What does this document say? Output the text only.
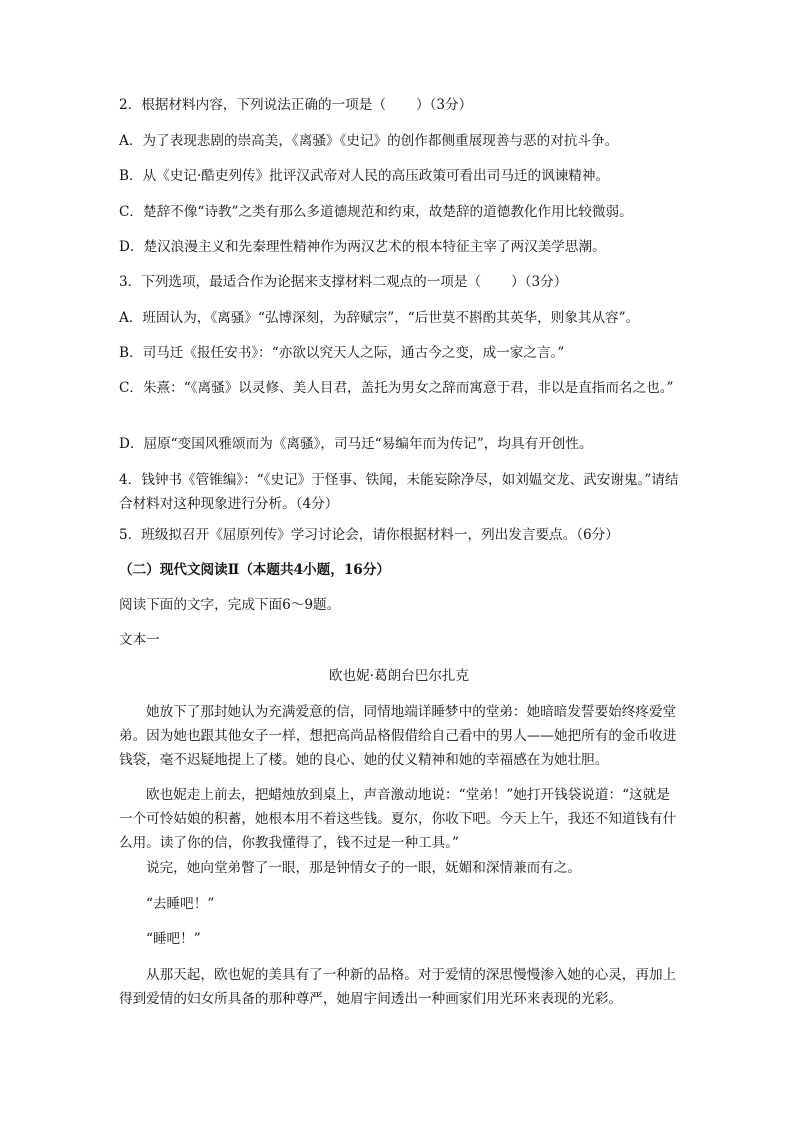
2．根据材料内容，下列说法正确的一项是（ ）（3分）
A．为了表现悲剧的崇高美，《离骚》《史记》的创作都侧重展现善与恶的对抗斗争。
B．从《史记·酷吏列传》批评汉武帝对人民的高压政策可看出司马迁的讽谏精神。
C．楚辞不像“诗教”之类有那么多道德规范和约束，故楚辞的道德教化作用比较微弱。
D．楚汉浪漫主义和先秦理性精神作为两汉艺术的根本特征主宰了两汉美学思潮。
3．下列选项，最适合作为论据来支撑材料二观点的一项是（ ）（3分）
A．班固认为，《离骚》“弘博深刻，为辞赋宗”，“后世莫不斟酌其英华，则象其从容”。
B．司马迁《报任安书》：“亦欲以究天人之际，通古今之变，成一家之言。”
C．朱熹：“《离骚》以灵修、美人目君，盖托为男女之辞而寓意于君，非以是直指而名之也。”
D．屈原“变国风雅颂而为《离骚》，司马迁“易编年而为传记”，均具有开创性。
4．钱钟书《管锥编》：“《史记》于怪事、铁闻，未能妄除净尽，如刘媪交龙、武安谢鬼。”请结合材料对这种现象进行分析。（4分）
5．班级拟召开《屈原列传》学习讨论会，请你根据材料一，列出发言要点。（6分）
（二）现代文阅读Ⅱ（本题共4小题，16分）
阅读下面的文字，完成下面6～9题。
文本一
欧也妮·葛朗台巴尔扎克
她放下了那封她认为充满爱意的信，同情地端详睡梦中的堂弟：她暗暗发誓要始终疼爱堂弟。因为她也跟其他女子一样，想把高尚品格假借给自己看中的男人——她把所有的金币收进钱袋，毫不迟疑地提上了楼。她的良心、她的仗义精神和她的幸福感在为她壮胆。
欧也妮走上前去，把蜡烛放到桌上，声音激动地说：“堂弟！”她打开钱袋说道：“这就是一个可怜姑娘的积蓄，她根本用不着这些钱。夏尔，你收下吧。今天上午，我还不知道钱有什么用。读了你的信，你教我懂得了，钱不过是一种工具。”
说完，她向堂弟瞥了一眼，那是钟情女子的一眼，妩媚和深情兼而有之。
“去睡吧！”
“睡吧！”
从那天起，欧也妮的美具有了一种新的品格。对于爱情的深思慢慢渗入她的心灵，再加上得到爱情的妇女所具备的那种尊严，她眉宇间透出一种画家们用光环来表现的光彩。
